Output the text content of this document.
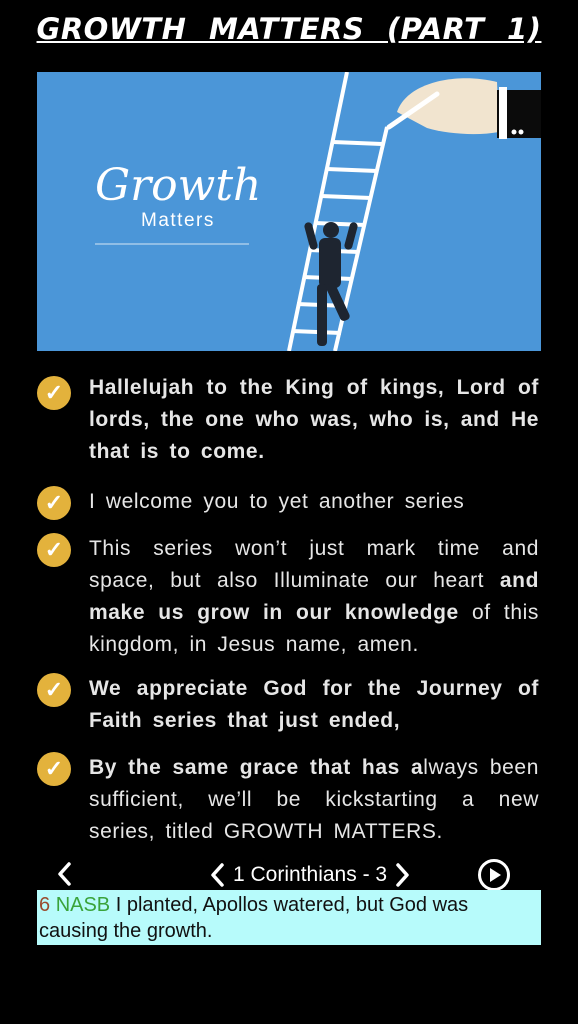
GROWTH MATTERS (PART 1)
Growth
Matters
✓	Hallelujah to the King of kings, Lord of lords, the one who was, who is, and He that is to come.
✓	I welcome you to yet another series
✓	This series won’t just mark time and space, but also Illuminate our heart and make us grow in our knowledge of this kingdom, in Jesus name, amen.
✓	We appreciate God for the Journey of Faith series that just ended,
✓	By the same grace that has always been sufficient, we’ll be kickstarting a new series, titled GROWTH MATTERS.
1 Corinthians - 3
6 NASB I planted, Apollos watered, but God was causing the growth.
